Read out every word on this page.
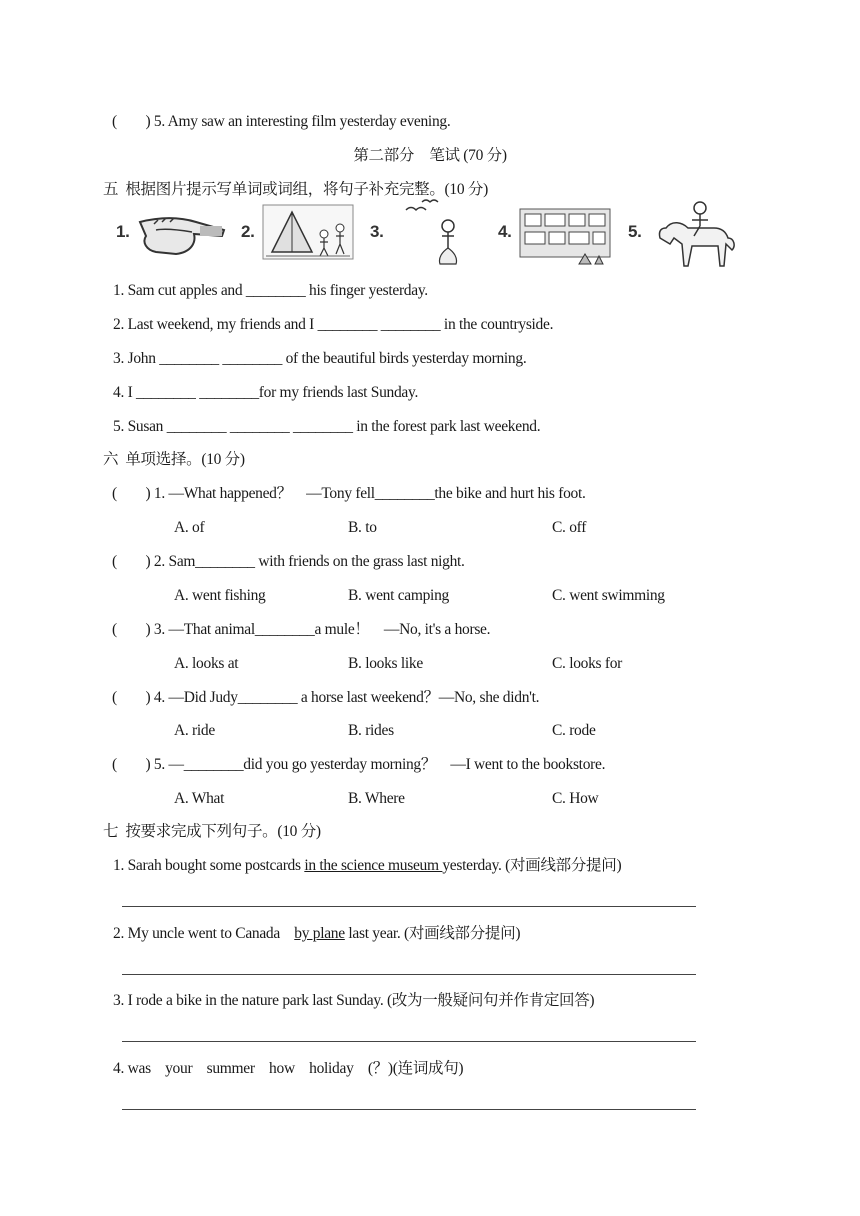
(        ) 5. Amy saw an interesting film yesterday evening.
第二部分　笔试 (70 分)
五  根据图片提示写单词或词组，将句子补充完整。(10 分)
1.	2.	3.	4.	5.
1. Sam cut apples and ________ his finger yesterday.
2. Last weekend, my friends and I ________ ________ in the countryside.
3. John ________ ________ of the beautiful birds yesterday morning.
4. I ________ ________for my friends last Sunday.
5. Susan ________ ________ ________ in the forest park last weekend.
六  单项选择。(10 分)
(        ) 1. —What happened？    —Tony fell________the bike and hurt his foot.
A. of	B. to	C. off
(        ) 2. Sam________ with friends on the grass last night.
A. went fishing	B. went camping	C. went swimming
(        ) 3. —That animal________a mule！    —No, it's a horse.
A. looks at	B. looks like	C. looks for
(        ) 4. —Did Judy________ a horse last weekend？—No, she didn't.
A. ride	B. rides	C. rode
(        ) 5. —________did you go yesterday morning？    —I went to the bookstore.
A. What	B. Where	C. How
七  按要求完成下列句子。(10 分)
1. Sarah bought some postcards in the science museum yesterday. (对画线部分提问)
2. My uncle went to Canada    by plane last year. (对画线部分提问)
3. I rode a bike in the nature park last Sunday. (改为一般疑问句并作肯定回答)
4. was    your    summer    how    holiday    (？)(连词成句)
